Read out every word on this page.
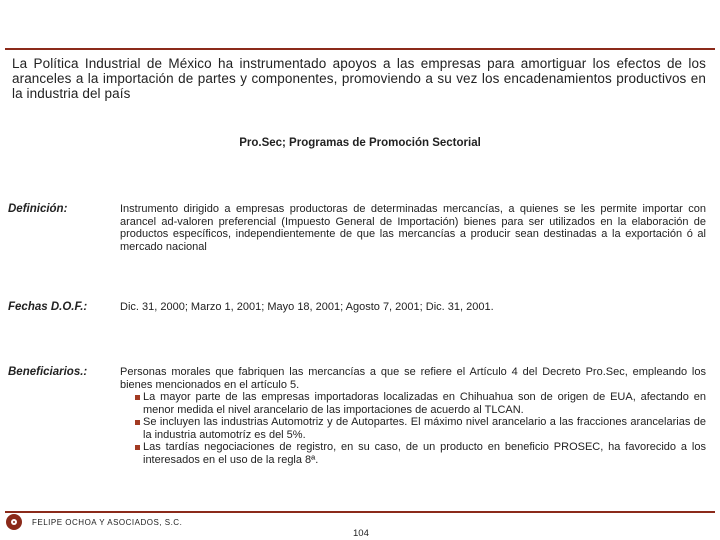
La Política Industrial de México ha instrumentado apoyos a las empresas para amortiguar los efectos de los aranceles a la importación de partes y componentes, promoviendo a su vez los encadenamientos productivos en la industria del país
Pro.Sec; Programas de Promoción Sectorial
Definición:	Instrumento dirigido a empresas productoras de determinadas mercancías, a quienes se les permite importar con arancel ad-valoren preferencial (Impuesto General de Importación) bienes para ser utilizados en la elaboración de productos específicos, independientemente de que las mercancías a producir sean destinadas a la exportación ó al mercado nacional
Fechas D.O.F.:	Dic. 31, 2000; Marzo 1, 2001; Mayo 18, 2001; Agosto 7, 2001; Dic. 31, 2001.
Beneficiarios.:	Personas morales que fabriquen las mercancías a que se refiere el Artículo 4 del Decreto Pro.Sec, empleando los bienes mencionados en el artículo 5.
La mayor parte de las empresas importadoras localizadas en Chihuahua son de origen de EUA, afectando en menor medida el nivel arancelario de las importaciones de acuerdo al TLCAN.
Se incluyen las industrias Automotriz y de Autopartes. El máximo nivel arancelario a las fracciones arancelarias de la industria automotríz es del 5%.
Las tardías negociaciones de registro, en su caso, de un producto en beneficio PROSEC, ha favorecido a los interesados en el uso de la regla 8ª.
FELIPE OCHOA Y ASOCIADOS, S.C.
104
